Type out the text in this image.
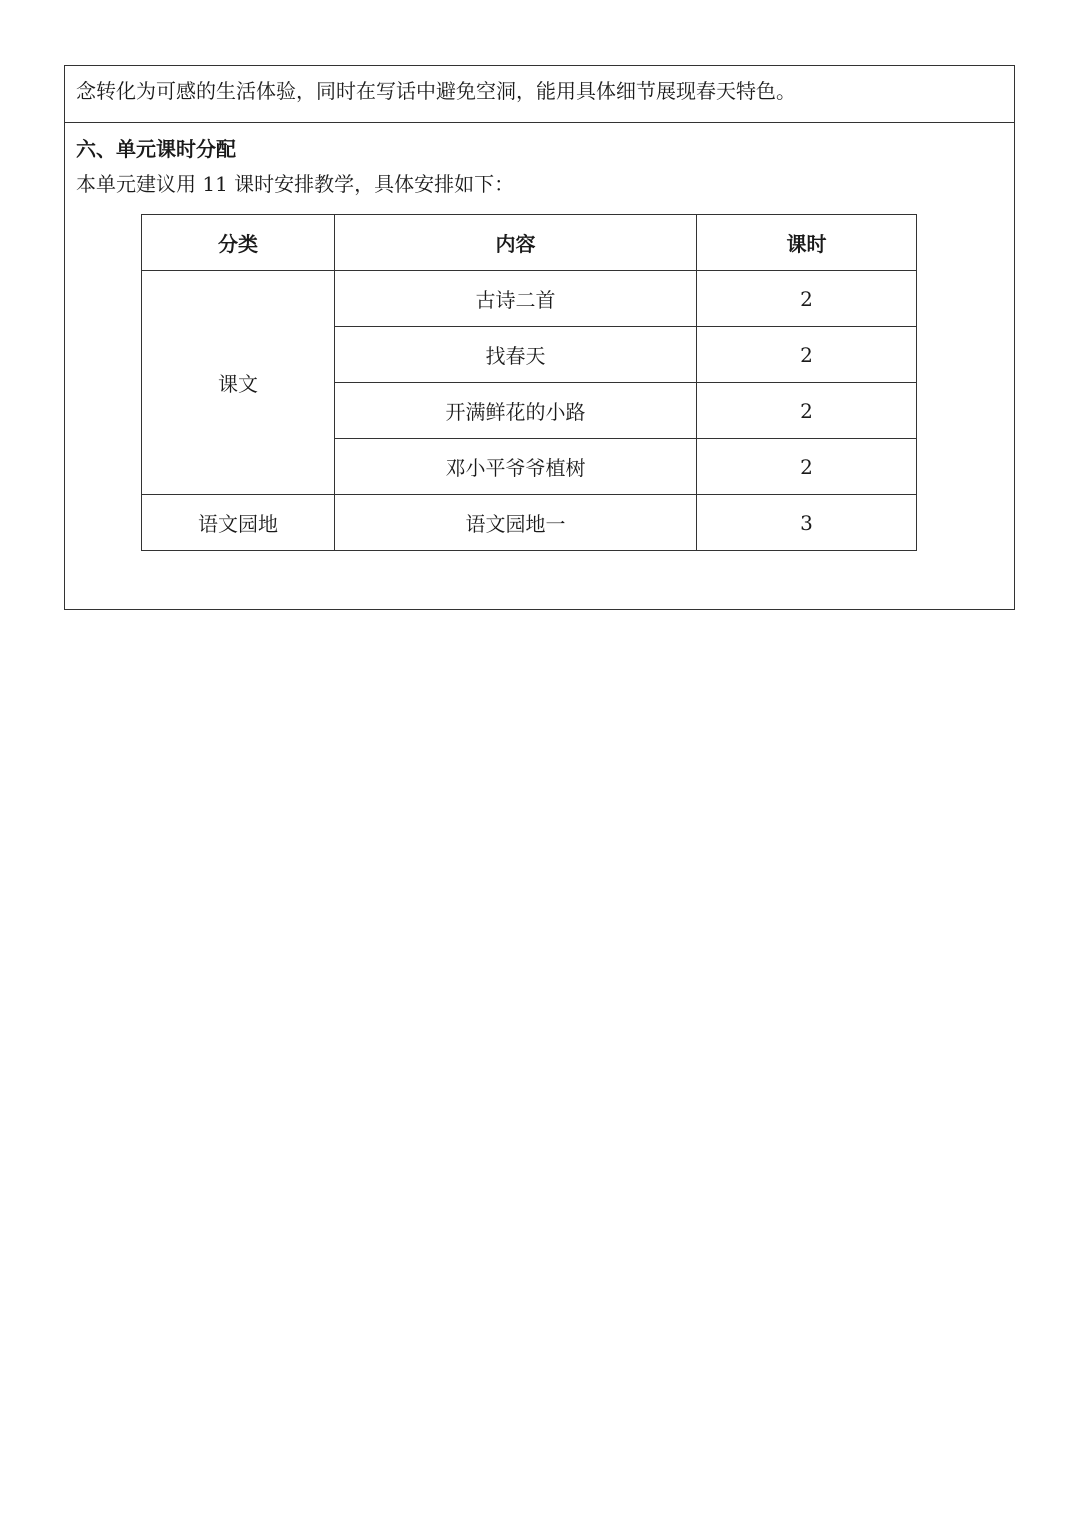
念转化为可感的生活体验，同时在写话中避免空洞，能用具体细节展现春天特色。
六、单元课时分配
本单元建议用 11 课时安排教学，具体安排如下：
分类	内容	课时
课文	古诗二首	2
	找春天	2
	开满鲜花的小路	2
	邓小平爷爷植树	2
语文园地	语文园地一	3
